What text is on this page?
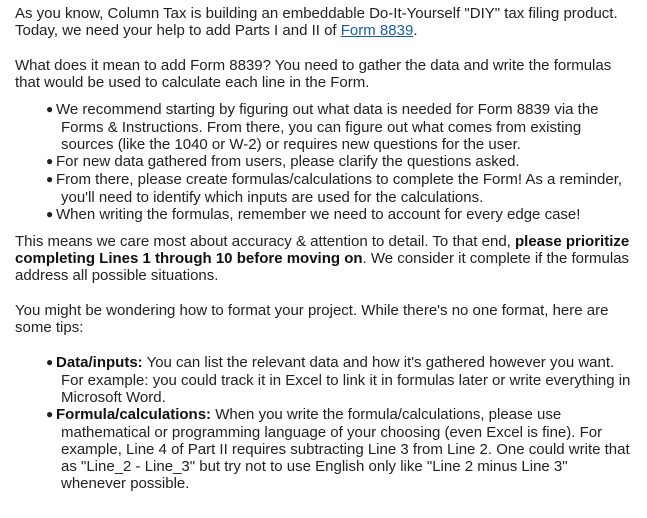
As you know, Column Tax is building an embeddable Do-It-Yourself "DIY" tax filing product. Today, we need your help to add Parts I and II of Form 8839.

What does it mean to add Form 8839? You need to gather the data and write the formulas that would be used to calculate each line in the Form.

● We recommend starting by figuring out what data is needed for Form 8839 via the Forms & Instructions. From there, you can figure out what comes from existing sources (like the 1040 or W-2) or requires new questions for the user.
● For new data gathered from users, please clarify the questions asked.
● From there, please create formulas/calculations to complete the Form! As a reminder, you'll need to identify which inputs are used for the calculations.
● When writing the formulas, remember we need to account for every edge case!

This means we care most about accuracy & attention to detail. To that end, please prioritize completing Lines 1 through 10 before moving on. We consider it complete if the formulas address all possible situations.

You might be wondering how to format your project. While there's no one format, here are some tips:

● Data/inputs: You can list the relevant data and how it's gathered however you want. For example: you could track it in Excel to link it in formulas later or write everything in Microsoft Word.
● Formula/calculations: When you write the formula/calculations, please use mathematical or programming language of your choosing (even Excel is fine). For example, Line 4 of Part II requires subtracting Line 3 from Line 2. One could write that as "Line_2 - Line_3" but try not to use English only like "Line 2 minus Line 3" whenever possible.
